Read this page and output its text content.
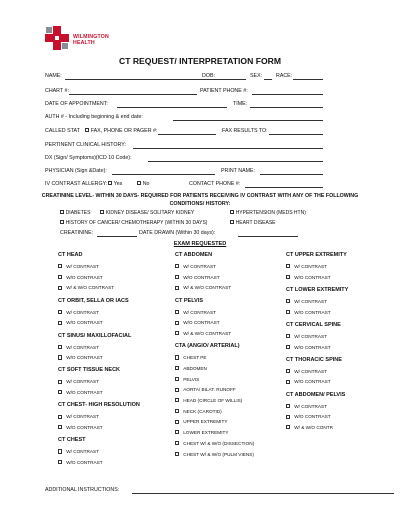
WILMINGTON
HEALTH
CT REQUEST/ INTERPRETATION FORM
NAME:	DOB:	SEX:	RACE:
CHART #:	PATIENT PHONE #:
DATE OF APPOINTMENT:	TIME:
AUTH # - Including beginning & end date:
CALLED STAT	FAX, PHONE OR PAGER #:	FAX RESULTS TO:
PERTINENT CLINICAL HISTORY:
DX (Sign/ Symptoms)(ICD 10 Code):
PHYSICIAN (Sign &Date):	PRINT NAME:
IV CONTRAST ALLERGY:	Yes	No	CONTACT PHONE #:
CREATININE LEVEL- WITHIN 30 DAYS- REQUIRED FOR PATIENTS RECEIVING IV CONTRAST WITH ANY OF THE FOLLOWING CONDITIONS/ HISTORY:
DIABETES	KIDNEY DISEASE/ SOLITARY KIDNEY	HYPERTENSION (MEDS HTN)
HISTORY OF CANCER/ CHEMOTHERAPY (WITHIN 30 DAYS)	HEART DISEASE
CREATININE:	DATE DRAWN (Within 30 days):
EXAM REQUESTED
CT HEAD
W/ CONTRAST
W/O CONTRAST
W/ & W/O CONTRAST
CT ORBIT, SELLA OR IACS
W/ CONTRAST
W/O CONTRAST
CT SINUS/ MAXILLOFACIAL
W/ CONTRAST
W/O CONTRAST
CT SOFT TISSUE NECK
W/ CONTRAST
W/O CONTRAST
CT CHEST- HIGH RESOLUTION
W/ CONTRAST
W/O CONTRAST
CT CHEST
W/ CONTRAST
W/O CONTRAST
CT ABDOMEN
W/ CONTRAST
W/O CONTRAST
W/ & W/O CONTRAST
CT PELVIS
W/ CONTRAST
W/O CONTRAST
W/ & W/O CONTRAST
CTA (ANGIO/ ARTERIAL)
CHEST PE
ABDOMEN
PELVIS
AORTA/ BILAT. RUNOFF
HEAD (CIRCLE OF WILLIS)
NECK (CAROTID)
UPPER EXTREMITY
LOWER EXTREMITY
CHEST W/ & W/O (DISSECTION)
CHEST W/ & W/O (PULM VIENS)
CT UPPER EXTREMITY
W/ CONTRAST
W/O CONTRAST
CT LOWER EXTREMITY
W/ CONTRAST
W/O CONTRAST
CT CERVICAL SPINE
W/ CONTRAST
W/O CONTRAST
CT THORACIC SPINE
W/ CONTRAST
W/O CONTRAST
CT ABDOMEN/ PELVIS
W/ CONTRAST
W/O CONTRAST
W/ & W/O CONTR
ADDITIONAL INSTRUCTIONS:
